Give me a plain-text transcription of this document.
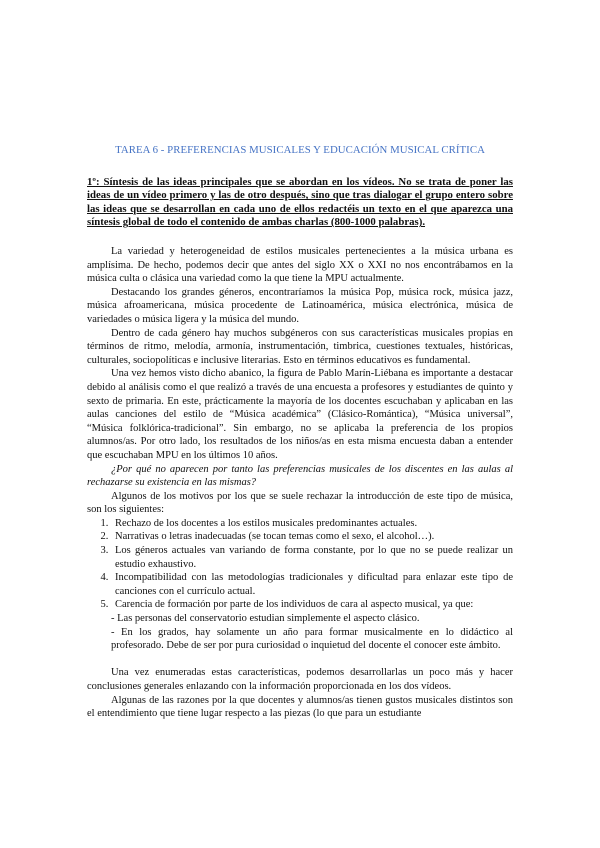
TAREA 6 - PREFERENCIAS MUSICALES Y EDUCACIÓN MUSICAL CRÍTICA
1º: Síntesis de las ideas principales que se abordan en los vídeos. No se trata de poner las ideas de un vídeo primero y las de otro después, sino que tras dialogar el grupo entero sobre las ideas que se desarrollan en cada uno de ellos redactéis un texto en el que aparezca una síntesis global de todo el contenido de ambas charlas (800-1000 palabras).

La variedad y heterogeneidad de estilos musicales pertenecientes a la música urbana es amplísima. De hecho, podemos decir que antes del siglo XX o XXI no nos encontrábamos en la música culta o clásica una variedad como la que tiene la MPU actualmente.

Destacando los grandes géneros, encontraríamos la música Pop, música rock, música jazz, música afroamericana, música procedente de Latinoamérica, música electrónica, música de variedades o música ligera y la música del mundo.

Dentro de cada género hay muchos subgéneros con sus características musicales propias en términos de ritmo, melodía, armonía, instrumentación, timbrica, cuestiones textuales, históricas, culturales, sociopolíticas e inclusive literarias. Esto en términos educativos es fundamental.

Una vez hemos visto dicho abanico, la figura de Pablo Marín-Liébana es importante a destacar debido al análisis como el que realizó a través de una encuesta a profesores y estudiantes de quinto y sexto de primaria. En este, prácticamente la mayoría de los docentes escuchaban y aplicaban en las aulas canciones del estilo de “Música académica” (Clásico-Romántica), “Música universal”, “Música folklórica-tradicional”. Sin embargo, no se aplicaba la preferencia de los propios alumnos/as. Por otro lado, los resultados de los niños/as en esta misma encuesta daban a entender que escuchaban MPU en los últimos 10 años.

¿Por qué no aparecen por tanto las preferencias musicales de los discentes en las aulas al rechazarse su existencia en las mismas?

Algunos de los motivos por los que se suele rechazar la introducción de este tipo de música, son los siguientes:

1. Rechazo de los docentes a los estilos musicales predominantes actuales.
2. Narrativas o letras inadecuadas (se tocan temas como el sexo, el alcohol…).
3. Los géneros actuales van variando de forma constante, por lo que no se puede realizar un estudio exhaustivo.
4. Incompatibilidad con las metodologías tradicionales y dificultad para enlazar este tipo de canciones con el currículo actual.
5. Carencia de formación por parte de los individuos de cara al aspecto musical, ya que:
- Las personas del conservatorio estudian simplemente el aspecto clásico.
- En los grados, hay solamente un año para formar musicalmente en lo didáctico al profesorado. Debe de ser por pura curiosidad o inquietud del docente el conocer este ámbito.

Una vez enumeradas estas características, podemos desarrollarlas un poco más y hacer conclusiones generales enlazando con la información proporcionada en los dos vídeos.

Algunas de las razones por la que docentes y alumnos/as tienen gustos musicales distintos son el entendimiento que tiene lugar respecto a las piezas (lo que para un estudiante
